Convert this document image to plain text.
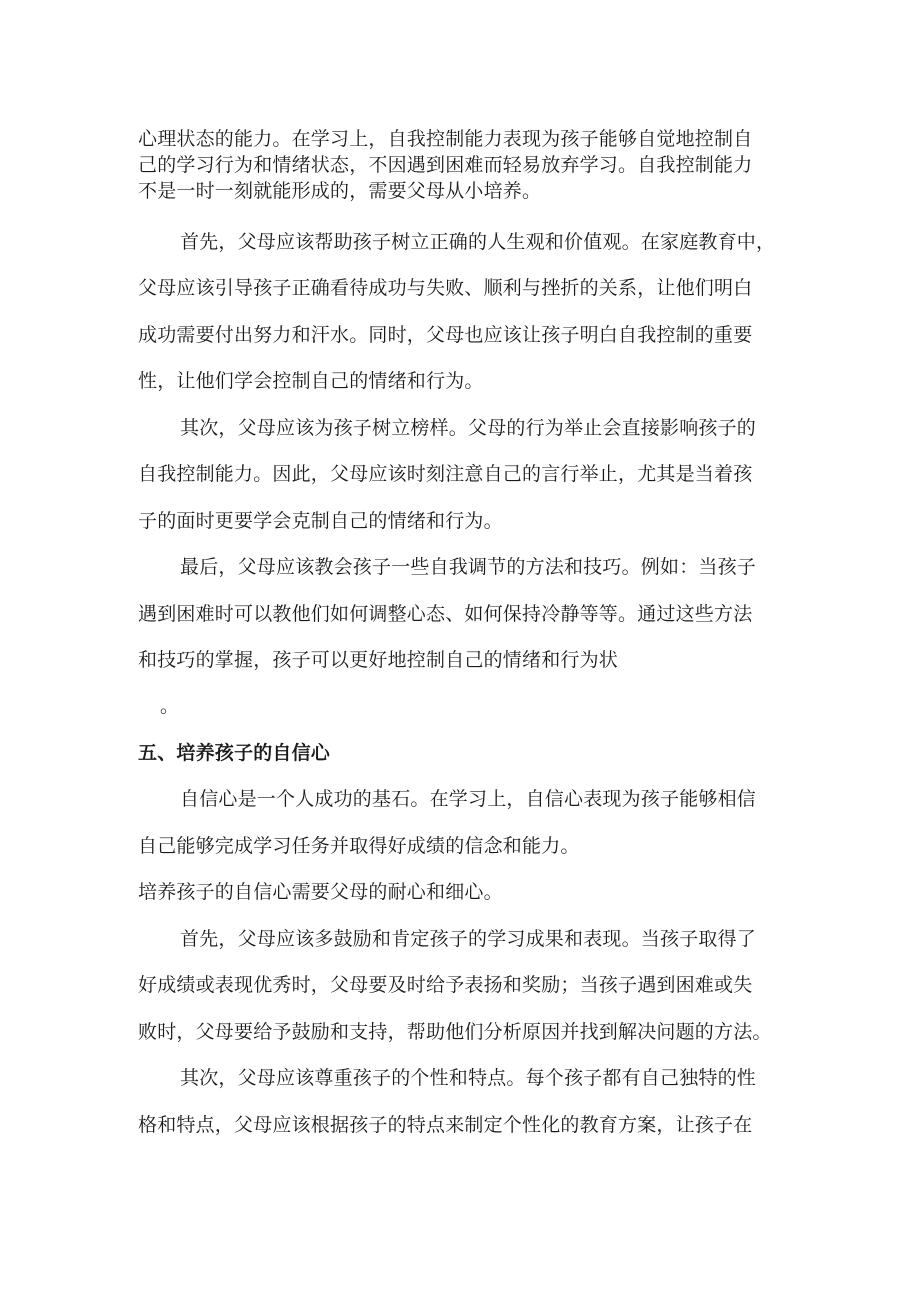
心理状态的能力。在学习上，自我控制能力表现为孩子能够自觉地控制自
己的学习行为和情绪状态，不因遇到困难而轻易放弃学习。自我控制能力
不是一时一刻就能形成的，需要父母从小培养。
首先，父母应该帮助孩子树立正确的人生观和价值观。在家庭教育中，
父母应该引导孩子正确看待成功与失败、顺利与挫折的关系，让他们明白
成功需要付出努力和汗水。同时，父母也应该让孩子明白自我控制的重要
性，让他们学会控制自己的情绪和行为。
其次，父母应该为孩子树立榜样。父母的行为举止会直接影响孩子的
自我控制能力。因此，父母应该时刻注意自己的言行举止，尤其是当着孩
子的面时更要学会克制自己的情绪和行为。
最后，父母应该教会孩子一些自我调节的方法和技巧。例如：当孩子
遇到困难时可以教他们如何调整心态、如何保持冷静等等。通过这些方法
和技巧的掌握，孩子可以更好地控制自己的情绪和行为状
。
五、培养孩子的自信心
自信心是一个人成功的基石。在学习上，自信心表现为孩子能够相信
自己能够完成学习任务并取得好成绩的信念和能力。
培养孩子的自信心需要父母的耐心和细心。
首先，父母应该多鼓励和肯定孩子的学习成果和表现。当孩子取得了
好成绩或表现优秀时，父母要及时给予表扬和奖励；当孩子遇到困难或失
败时，父母要给予鼓励和支持，帮助他们分析原因并找到解决问题的方法。
其次，父母应该尊重孩子的个性和特点。每个孩子都有自己独特的性
格和特点，父母应该根据孩子的特点来制定个性化的教育方案，让孩子在
